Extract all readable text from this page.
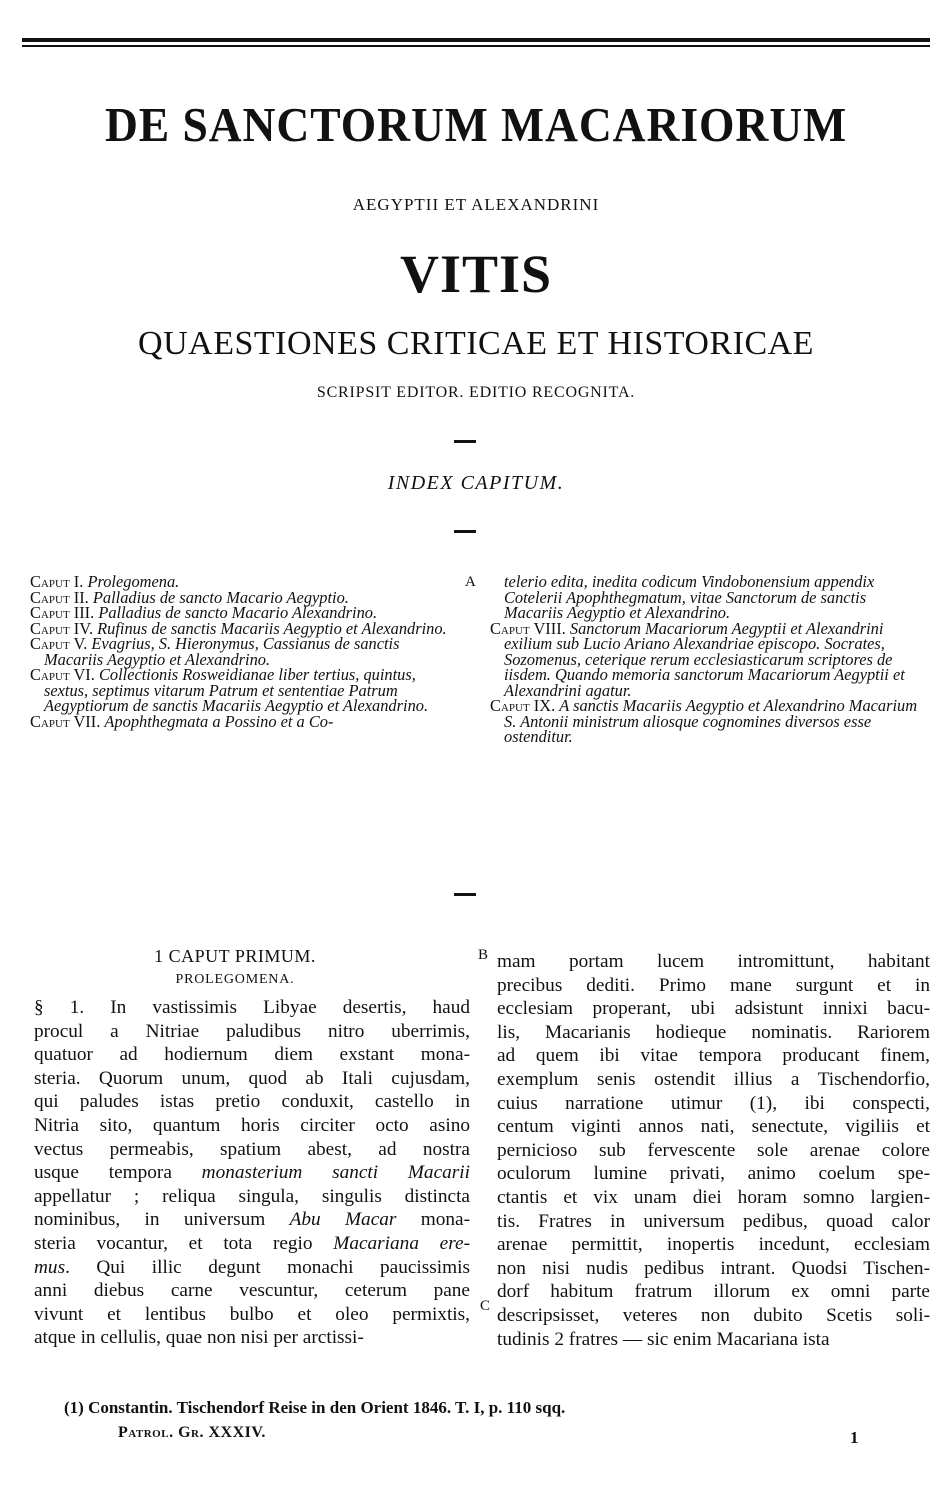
DE SANCTORUM MACARIORUM
AEGYPTII ET ALEXANDRINI
VITIS
QUAESTIONES CRITICAE ET HISTORICAE
SCRIPSIT EDITOR. EDITIO RECOGNITA.
INDEX CAPITUM.

Caput I. Prolegomena.

Caput II. Palladius de sancto Macario Aegyptio.

Caput III. Palladius de sancto Macario Alexandrino.

Caput IV. Rufinus de sanctis Macariis Aegyptio et Alexandrino.

Caput V. Evagrius, S. Hieronymus, Cassianus de sanctis Macariis Aegyptio et Alexandrino.

Caput VI. Collectionis Rosweidianae liber tertius, quintus, sextus, septimus vitarum Patrum et sententiae Patrum Aegyptiorum de sanctis Macariis Aegyptio et Alexandrino.

Caput VII. Apophthegmata a Possino et a Co-

A	telerio edita, inedita codicum Vindobonensium appendix Cotelerii Apophthegmatum, vitae Sanctorum de sanctis Macariis Aegyptio et Alexandrino.

Caput VIII. Sanctorum Macariorum Aegyptii et Alexandrini exilium sub Lucio Ariano Alexandriae episcopo. Socrates, Sozomenus, ceterique rerum ecclesiasticarum scriptores de iisdem. Quando memoria sanctorum Macariorum Aegyptii et Alexandrini agatur.

Caput IX. A sanctis Macariis Aegyptio et Alexandrino Macarium S. Antonii ministrum aliosque cognomines diversos esse ostenditur.

1 CAPUT PRIMUM.
PROLEGOMENA.
§ 1. In vastissimis Libyae desertis, haud
procul a Nitriae paludibus nitro uberrimis,
quatuor ad hodiernum diem exstant mona-
steria. Quorum unum, quod ab Itali cujusdam,
qui paludes istas pretio conduxit, castello in
Nitria sito, quantum horis circiter octo asino
vectus permeabis, spatium abest, ad nostra
usque tempora monasterium sancti Macarii
appellatur ; reliqua singula, singulis distincta
nominibus, in universum Abu Macar mona-
steria vocantur, et tota regio Macariana ere-
mus. Qui illic degunt monachi paucissimis
anni diebus carne vescuntur, ceterum pane
vivunt et lentibus bulbo et oleo permixtis,
atque in cellulis, quae non nisi per arctissi-
B
C
mam portam lucem intromittunt, habitant
precibus dediti. Primo mane surgunt et in
ecclesiam properant, ubi adsistunt innixi bacu-
lis, Macarianis hodieque nominatis. Rariorem
ad quem ibi vitae tempora producant finem,
exemplum senis ostendit illius a Tischendorfio,
cuius narratione utimur (1), ibi conspecti,
centum viginti annos nati, senectute, vigiliis et
pernicioso sub fervescente sole arenae colore
oculorum lumine privati, animo coelum spe-
ctantis et vix unam diei horam somno largien-
tis. Fratres in universum pedibus, quoad calor
arenae permittit, inopertis incedunt, ecclesiam
non nisi nudis pedibus intrant. Quodsi Tischen-
dorf habitum fratrum illorum ex omni parte
descripsisset, veteres non dubito Scetis soli-
tudinis 2 fratres — sic enim Macariana ista
(1) Constantin. Tischendorf Reise in den Orient 1846. T. I, p. 110 sqq.
Patrol. Gr. XXXIV.	1
